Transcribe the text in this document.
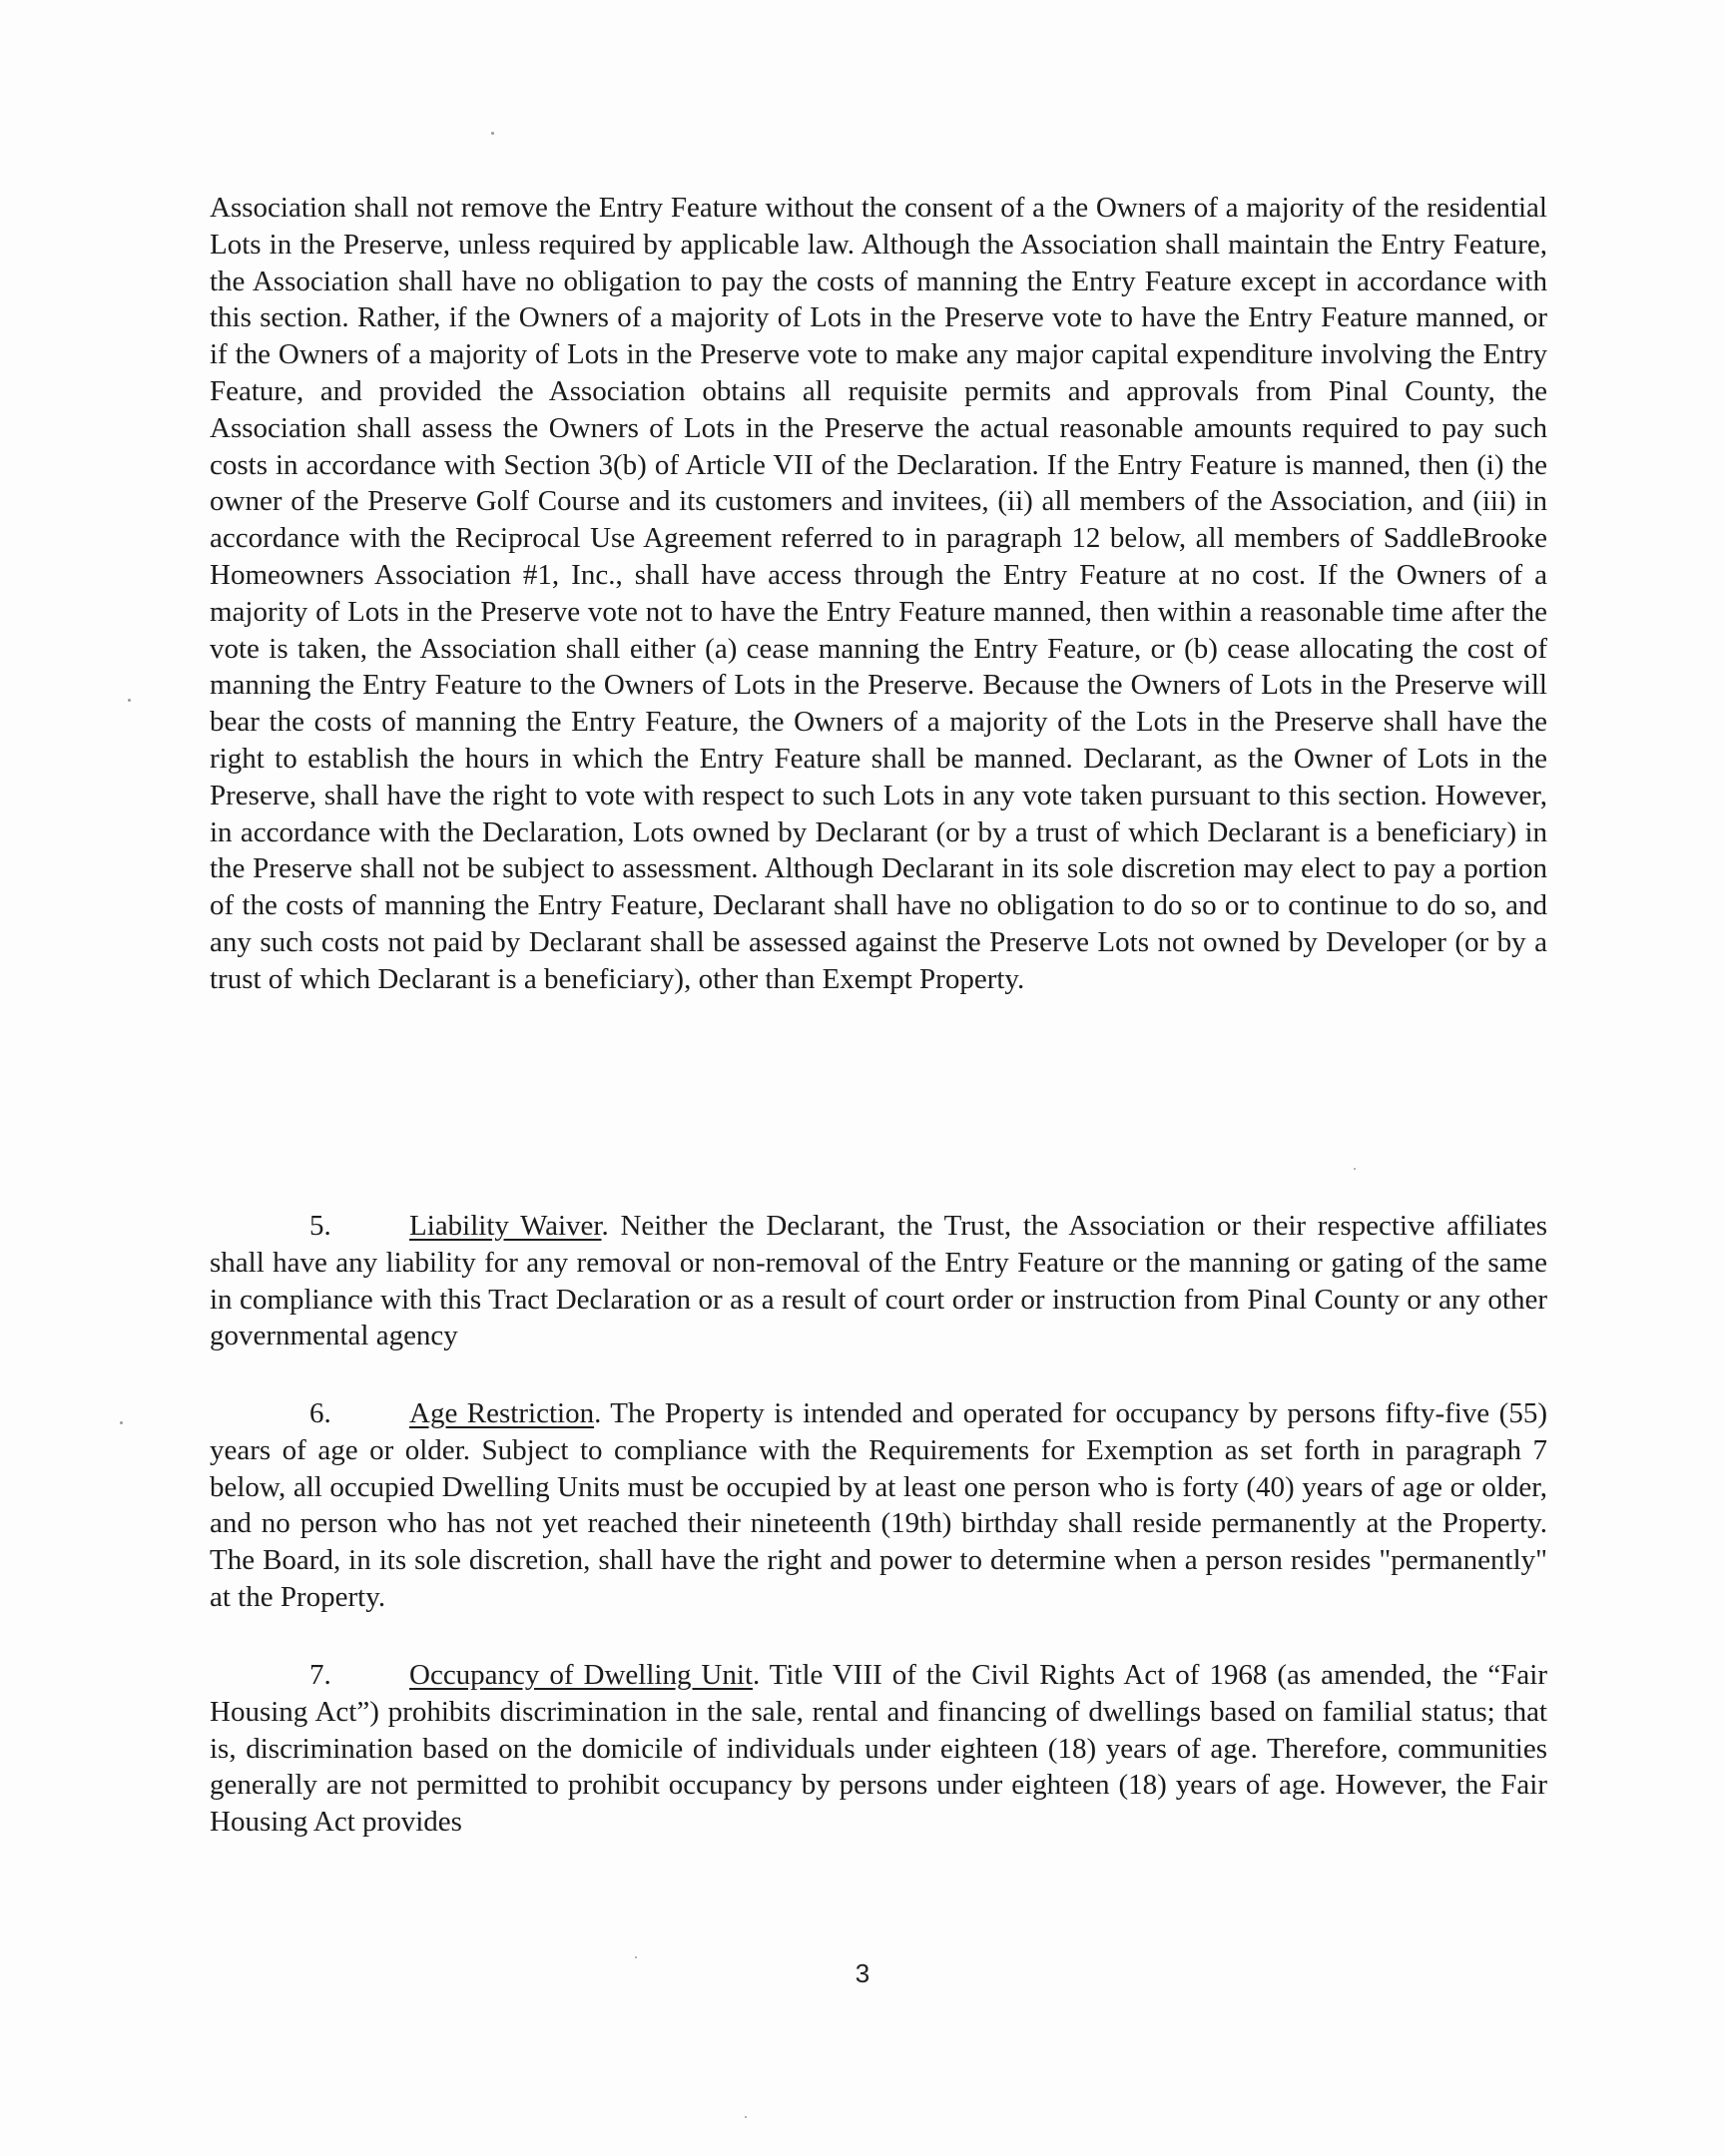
Association shall not remove the Entry Feature without the consent of a the Owners of a majority of the residential Lots in the Preserve, unless required by applicable law. Although the Association shall maintain the Entry Feature, the Association shall have no obligation to pay the costs of manning the Entry Feature except in accordance with this section. Rather, if the Owners of a majority of Lots in the Preserve vote to have the Entry Feature manned, or if the Owners of a majority of Lots in the Preserve vote to make any major capital expenditure involving the Entry Feature, and provided the Association obtains all requisite permits and approvals from Pinal County, the Association shall assess the Owners of Lots in the Preserve the actual reasonable amounts required to pay such costs in accordance with Section 3(b) of Article VII of the Declaration. If the Entry Feature is manned, then (i) the owner of the Preserve Golf Course and its customers and invitees, (ii) all members of the Association, and (iii) in accordance with the Reciprocal Use Agreement referred to in paragraph 12 below, all members of SaddleBrooke Homeowners Association #1, Inc., shall have access through the Entry Feature at no cost. If the Owners of a majority of Lots in the Preserve vote not to have the Entry Feature manned, then within a reasonable time after the vote is taken, the Association shall either (a) cease manning the Entry Feature, or (b) cease allocating the cost of manning the Entry Feature to the Owners of Lots in the Preserve. Because the Owners of Lots in the Preserve will bear the costs of manning the Entry Feature, the Owners of a majority of the Lots in the Preserve shall have the right to establish the hours in which the Entry Feature shall be manned. Declarant, as the Owner of Lots in the Preserve, shall have the right to vote with respect to such Lots in any vote taken pursuant to this section. However, in accordance with the Declaration, Lots owned by Declarant (or by a trust of which Declarant is a beneficiary) in the Preserve shall not be subject to assessment. Although Declarant in its sole discretion may elect to pay a portion of the costs of manning the Entry Feature, Declarant shall have no obligation to do so or to continue to do so, and any such costs not paid by Declarant shall be assessed against the Preserve Lots not owned by Developer (or by a trust of which Declarant is a beneficiary), other than Exempt Property.

5.	Liability Waiver. Neither the Declarant, the Trust, the Association or their respective affiliates shall have any liability for any removal or non-removal of the Entry Feature or the manning or gating of the same in compliance with this Tract Declaration or as a result of court order or instruction from Pinal County or any other governmental agency

6.	Age Restriction. The Property is intended and operated for occupancy by persons fifty-five (55) years of age or older. Subject to compliance with the Requirements for Exemption as set forth in paragraph 7 below, all occupied Dwelling Units must be occupied by at least one person who is forty (40) years of age or older, and no person who has not yet reached their nineteenth (19th) birthday shall reside permanently at the Property. The Board, in its sole discretion, shall have the right and power to determine when a person resides "permanently" at the Property.

7.	Occupancy of Dwelling Unit. Title VIII of the Civil Rights Act of 1968 (as amended, the “Fair Housing Act”) prohibits discrimination in the sale, rental and financing of dwellings based on familial status; that is, discrimination based on the domicile of individuals under eighteen (18) years of age. Therefore, communities generally are not permitted to prohibit occupancy by persons under eighteen (18) years of age. However, the Fair Housing Act provides

3
